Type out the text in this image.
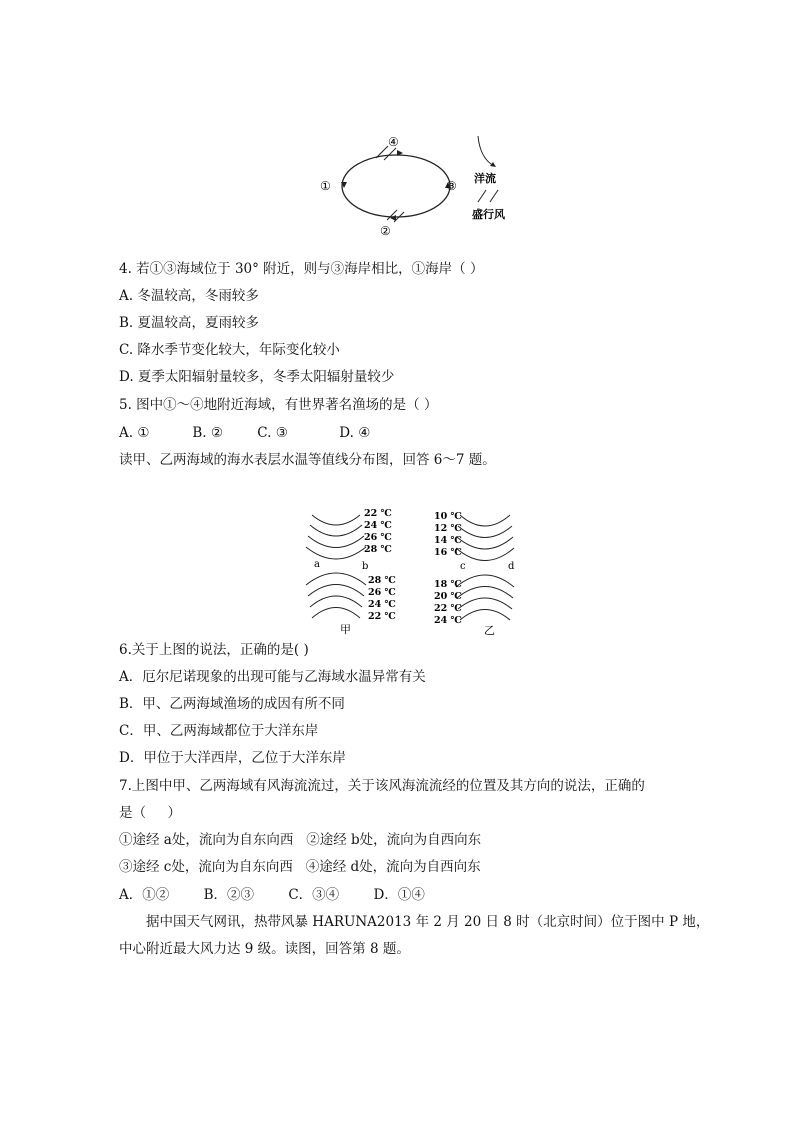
④
①	③
②
洋流
盛行风
4. 若①③海域位于 30° 附近，则与③海岸相比，①海岸（ ）
A. 冬温较高，冬雨较多
B. 夏温较高，夏雨较多
C. 降水季节变化较大，年际变化较小
D. 夏季太阳辐射量较多，冬季太阳辐射量较少
5. 图中①～④地附近海域，有世界著名渔场的是（ ）
A. ①          B. ②        C. ③            D. ④
读甲、乙两海域的海水表层水温等值线分布图，回答 6～7 题。
22 ℃
24 ℃
26 ℃
28 ℃
28 ℃
26 ℃
24 ℃
22 ℃
a	b
甲
10 ℃
12 ℃
14 ℃
16 ℃
18 ℃
20 ℃
22 ℃
24 ℃
c	d
乙
6.关于上图的说法，正确的是( )
A．厄尔尼诺现象的出现可能与乙海域水温异常有关
B．甲、乙两海域渔场的成因有所不同
C．甲、乙两海域都位于大洋东岸
D．甲位于大洋西岸，乙位于大洋东岸
7.上图中甲、乙两海域有风海流流过，关于该风海流流经的位置及其方向的说法，正确的
是（     ）
①途经 a处，流向为自东向西   ②途经 b处，流向为自西向东
③途经 c处，流向为自东向西   ④途经 d处，流向为自西向东
A．①②        B．②③        C．③④        D．①④
据中国天气网讯，热带风暴 HARUNA2013 年 2 月 20 日 8 时（北京时间）位于图中 P 地，
中心附近最大风力达 9 级。读图，回答第 8 题。
